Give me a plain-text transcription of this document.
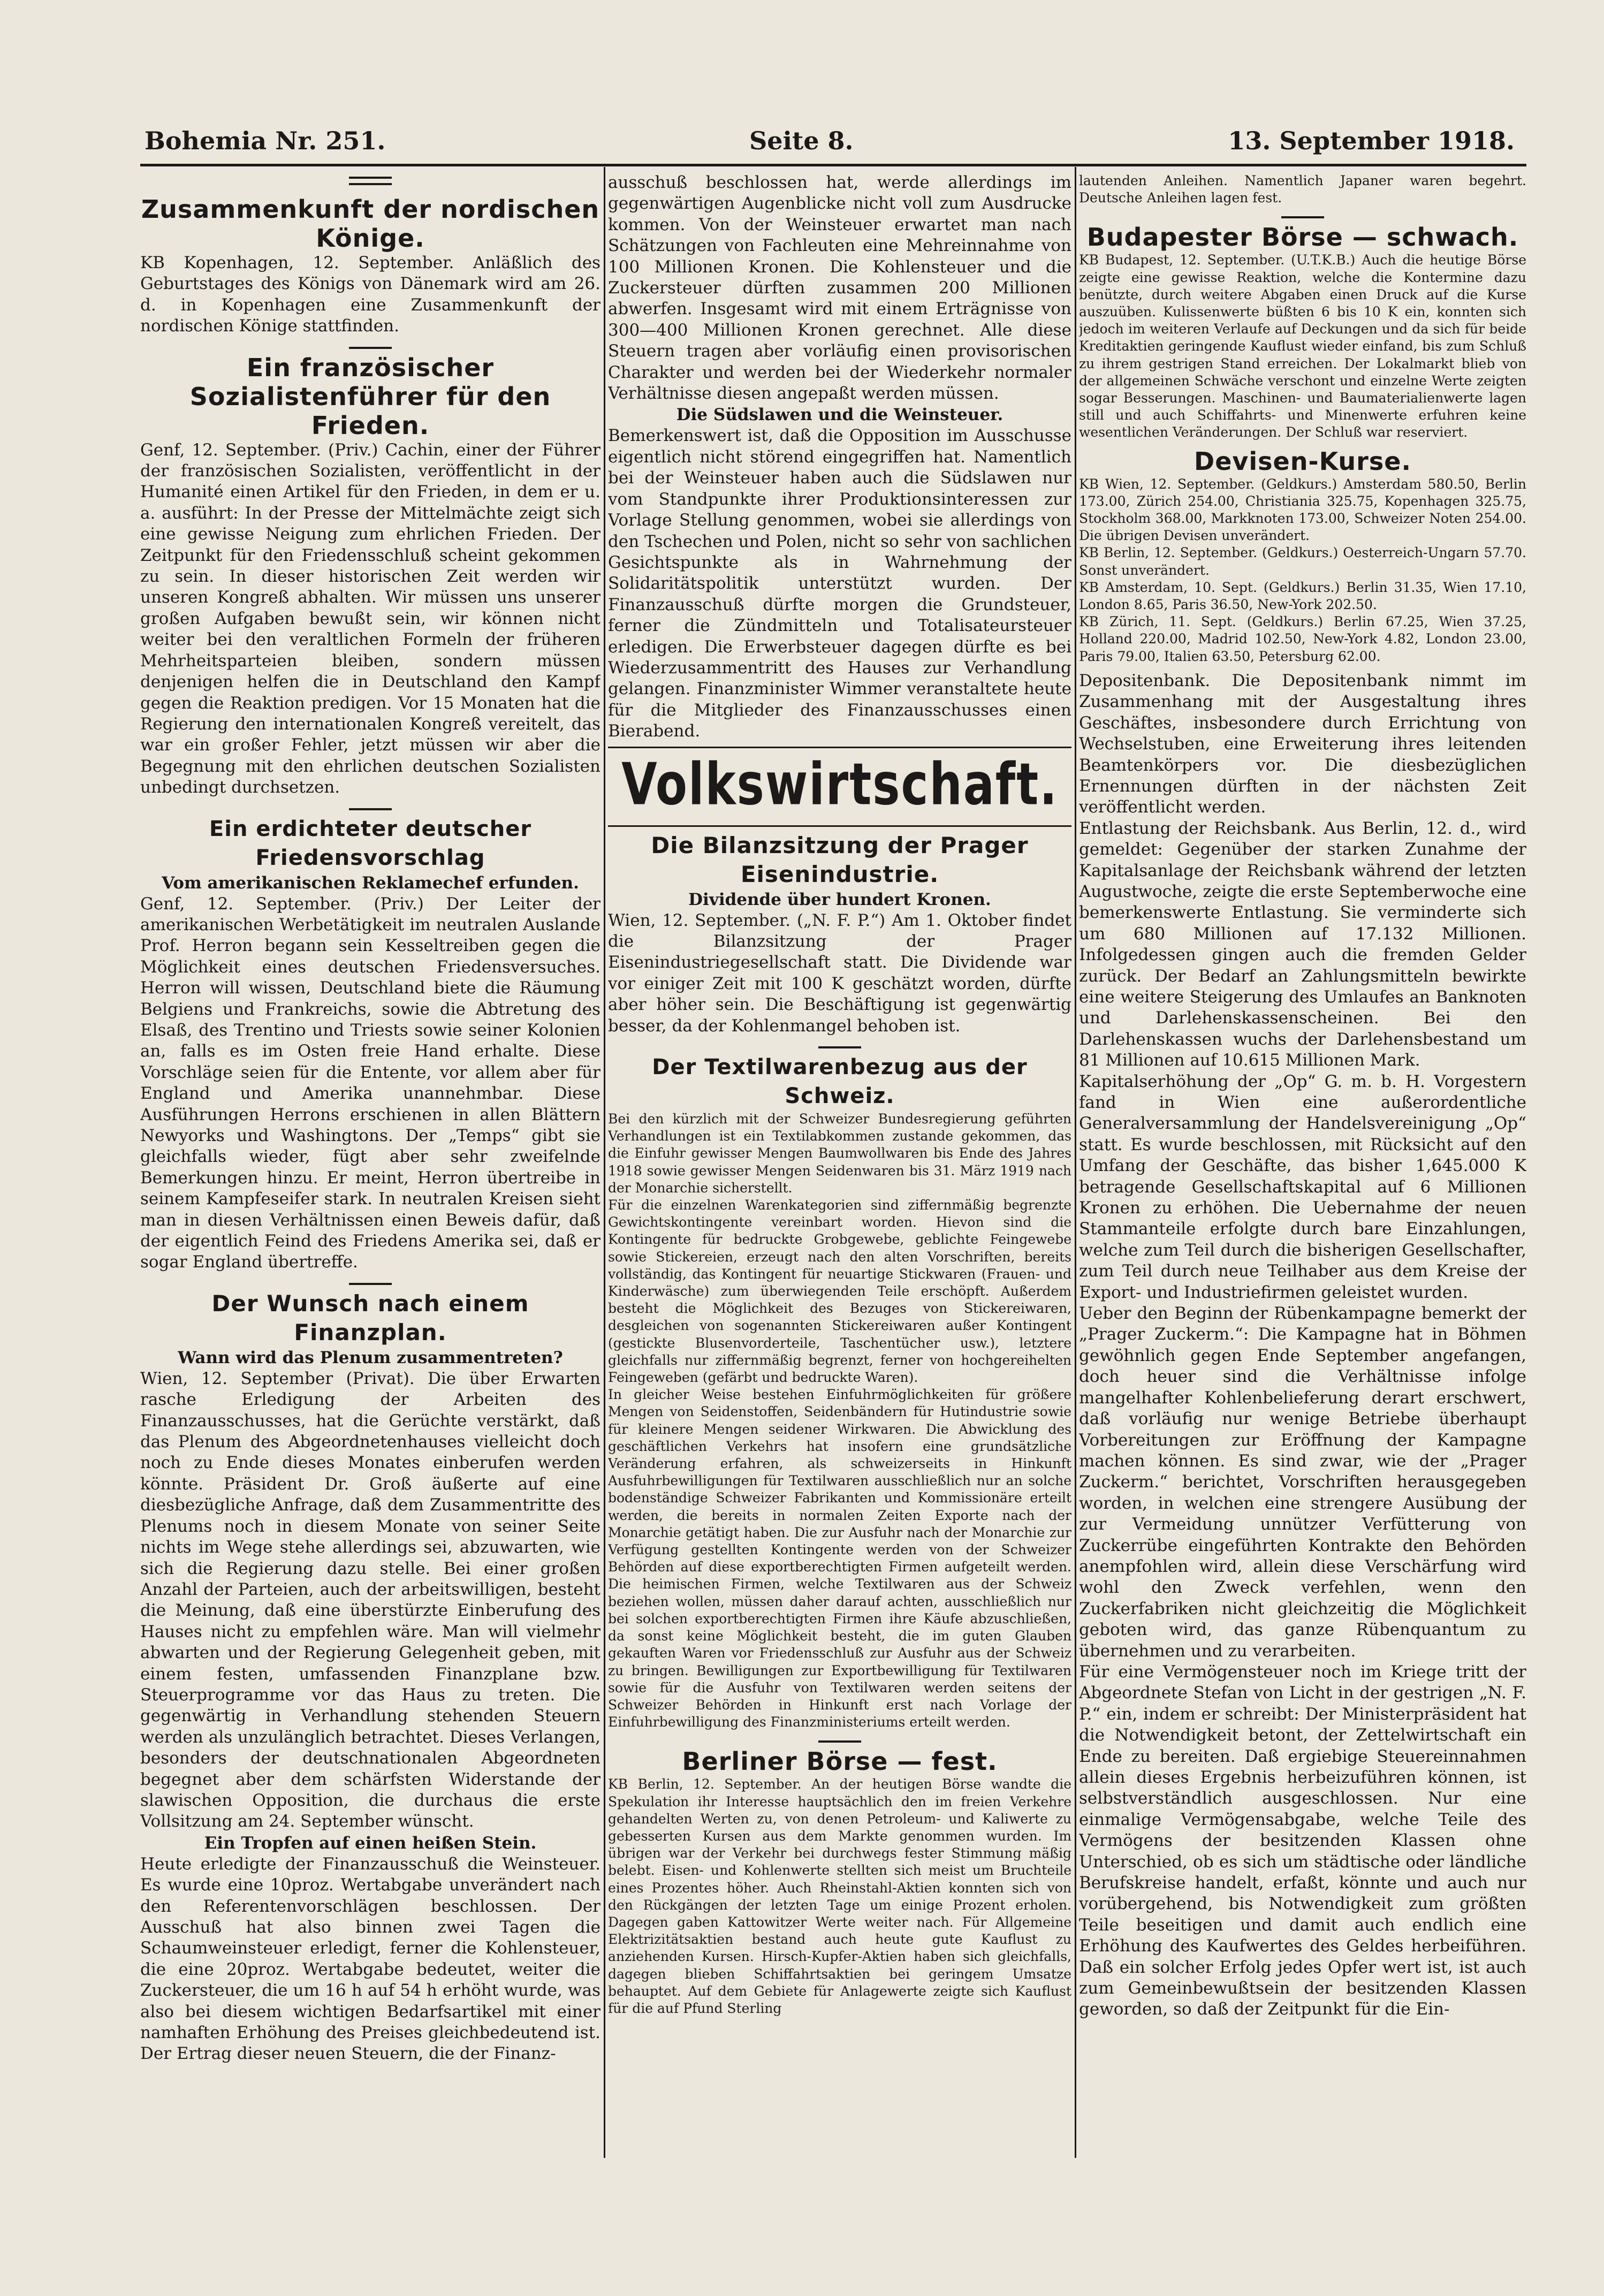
Bohemia Nr. 251.	Seite 8.	13. September 1918.
Zusammenkunft der nordischen Könige.

KB Kopenhagen, 12. September. Anläßlich des Geburtstages des Königs von Dänemark wird am 26. d. in Kopenhagen eine Zusammenkunft der nordischen Könige stattfinden.

Ein französischer Sozialistenführer für den Frieden.

Genf, 12. September. (Priv.) Cachin, einer der Führer der französischen Sozialisten, veröffentlicht in der Humanité einen Artikel für den Frieden, in dem er u. a. ausführt: In der Presse der Mittelmächte zeigt sich eine gewisse Neigung zum ehrlichen Frieden. Der Zeitpunkt für den Friedensschluß scheint gekommen zu sein. In dieser historischen Zeit werden wir unseren Kongreß abhalten. Wir müssen uns unserer großen Aufgaben bewußt sein, wir können nicht weiter bei den veraltlichen Formeln der früheren Mehrheitsparteien bleiben, sondern müssen denjenigen helfen die in Deutschland den Kampf gegen die Reaktion predigen. Vor 15 Monaten hat die Regierung den internationalen Kongreß vereitelt, das war ein großer Fehler, jetzt müssen wir aber die Begegnung mit den ehrlichen deutschen Sozialisten unbedingt durchsetzen.

Ein erdichteter deutscher Friedensvorschlag
Vom amerikanischen Reklamechef erfunden.

Genf, 12. September. (Priv.) Der Leiter der amerikanischen Werbetätigkeit im neutralen Auslande Prof. Herron begann sein Kesseltreiben gegen die Möglichkeit eines deutschen Friedensversuches. Herron will wissen, Deutschland biete die Räumung Belgiens und Frankreichs, sowie die Abtretung des Elsaß, des Trentino und Triests sowie seiner Kolonien an, falls es im Osten freie Hand erhalte. Diese Vorschläge seien für die Entente, vor allem aber für England und Amerika unannehmbar. Diese Ausführungen Herrons erschienen in allen Blättern Newyorks und Washingtons. Der „Temps“ gibt sie gleichfalls wieder, fügt aber sehr zweifelnde Bemerkungen hinzu. Er meint, Herron übertreibe in seinem Kampfeseifer stark. In neutralen Kreisen sieht man in diesen Verhältnissen einen Beweis dafür, daß der eigentlich Feind des Friedens Amerika sei, daß er sogar England übertreffe.

Der Wunsch nach einem Finanzplan.
Wann wird das Plenum zusammentreten?

Wien, 12. September (Privat). Die über Erwarten rasche Erledigung der Arbeiten des Finanzausschusses, hat die Gerüchte verstärkt, daß das Plenum des Abgeordnetenhauses vielleicht doch noch zu Ende dieses Monates einberufen werden könnte. Präsident Dr. Groß äußerte auf eine diesbezügliche Anfrage, daß dem Zusammentritte des Plenums noch in diesem Monate von seiner Seite nichts im Wege stehe allerdings sei, abzuwarten, wie sich die Regierung dazu stelle. Bei einer großen Anzahl der Parteien, auch der arbeitswilligen, besteht die Meinung, daß eine überstürzte Einberufung des Hauses nicht zu empfehlen wäre. Man will vielmehr abwarten und der Regierung Gelegenheit geben, mit einem festen, umfassenden Finanzplane bzw. Steuerprogramme vor das Haus zu treten. Die gegenwärtig in Verhandlung stehenden Steuern werden als unzulänglich betrachtet. Dieses Verlangen, besonders der deutschnationalen Abgeordneten begegnet aber dem schärfsten Widerstande der slawischen Opposition, die durchaus die erste Vollsitzung am 24. September wünscht.

Ein Tropfen auf einen heißen Stein.

Heute erledigte der Finanzausschuß die Weinsteuer. Es wurde eine 10proz. Wertabgabe unverändert nach den Referentenvorschlägen beschlossen. Der Ausschuß hat also binnen zwei Tagen die Schaumweinsteuer erledigt, ferner die Kohlensteuer, die eine 20proz. Wertabgabe bedeutet, weiter die Zuckersteuer, die um 16 h auf 54 h erhöht wurde, was also bei diesem wichtigen Bedarfsartikel mit einer namhaften Erhöhung des Preises gleichbedeutend ist. Der Ertrag dieser neuen Steuern, die der Finanz-

ausschuß beschlossen hat, werde allerdings im gegenwärtigen Augenblicke nicht voll zum Ausdrucke kommen. Von der Weinsteuer erwartet man nach Schätzungen von Fachleuten eine Mehreinnahme von 100 Millionen Kronen. Die Kohlensteuer und die Zuckersteuer dürften zusammen 200 Millionen abwerfen. Insgesamt wird mit einem Erträgnisse von 300—400 Millionen Kronen gerechnet. Alle diese Steuern tragen aber vorläufig einen provisorischen Charakter und werden bei der Wiederkehr normaler Verhältnisse diesen angepaßt werden müssen.

Die Südslawen und die Weinsteuer.

Bemerkenswert ist, daß die Opposition im Ausschusse eigentlich nicht störend eingegriffen hat. Namentlich bei der Weinsteuer haben auch die Südslawen nur vom Standpunkte ihrer Produktionsinteressen zur Vorlage Stellung genommen, wobei sie allerdings von den Tschechen und Polen, nicht so sehr von sachlichen Gesichtspunkte als in Wahrnehmung der Solidaritätspolitik unterstützt wurden. Der Finanzausschuß dürfte morgen die Grundsteuer, ferner die Zündmitteln und Totalisateursteuer erledigen. Die Erwerbsteuer dagegen dürfte es bei Wiederzusammentritt des Hauses zur Verhandlung gelangen. Finanzminister Wimmer veranstaltete heute für die Mitglieder des Finanzausschusses einen Bierabend.

Volkswirtschaft.
Die Bilanzsitzung der Prager Eisenindustrie.
Dividende über hundert Kronen.

Wien, 12. September. („N. F. P.“) Am 1. Oktober findet die Bilanzsitzung der Prager Eisenindustriegesellschaft statt. Die Dividende war vor einiger Zeit mit 100 K geschätzt worden, dürfte aber höher sein. Die Beschäftigung ist gegenwärtig besser, da der Kohlenmangel behoben ist.

Der Textilwarenbezug aus der Schweiz.

Bei den kürzlich mit der Schweizer Bundesregierung geführten Verhandlungen ist ein Textilabkommen zustande gekommen, das die Einfuhr gewisser Mengen Baumwollwaren bis Ende des Jahres 1918 sowie gewisser Mengen Seidenwaren bis 31. März 1919 nach der Monarchie sicherstellt.

Für die einzelnen Warenkategorien sind ziffernmäßig begrenzte Gewichtskontingente vereinbart worden. Hievon sind die Kontingente für bedruckte Grobgewebe, geblichte Feingewebe sowie Stickereien, erzeugt nach den alten Vorschriften, bereits vollständig, das Kontingent für neuartige Stickwaren (Frauen- und Kinderwäsche) zum überwiegenden Teile erschöpft. Außerdem besteht die Möglichkeit des Bezuges von Stickereiwaren, desgleichen von sogenannten Stickereiwaren außer Kontingent (gestickte Blusenvorderteile, Taschentücher usw.), letztere gleichfalls nur ziffernmäßig begrenzt, ferner von hochgereihelten Feingeweben (gefärbt und bedruckte Waren).

In gleicher Weise bestehen Einfuhrmöglichkeiten für größere Mengen von Seidenstoffen, Seidenbändern für Hutindustrie sowie für kleinere Mengen seidener Wirkwaren. Die Abwicklung des geschäftlichen Verkehrs hat insofern eine grundsätzliche Veränderung erfahren, als schweizerseits in Hinkunft Ausfuhrbewilligungen für Textilwaren ausschließlich nur an solche bodenständige Schweizer Fabrikanten und Kommissionäre erteilt werden, die bereits in normalen Zeiten Exporte nach der Monarchie getätigt haben. Die zur Ausfuhr nach der Monarchie zur Verfügung gestellten Kontingente werden von der Schweizer Behörden auf diese exportberechtigten Firmen aufgeteilt werden. Die heimischen Firmen, welche Textilwaren aus der Schweiz beziehen wollen, müssen daher darauf achten, ausschließlich nur bei solchen exportberechtigten Firmen ihre Käufe abzuschließen, da sonst keine Möglichkeit besteht, die im guten Glauben gekauften Waren vor Friedensschluß zur Ausfuhr aus der Schweiz zu bringen. Bewilligungen zur Exportbewilligung für Textilwaren sowie für die Ausfuhr von Textilwaren werden seitens der Schweizer Behörden in Hinkunft erst nach Vorlage der Einfuhrbewilligung des Finanzministeriums erteilt werden.

Berliner Börse — fest.

KB Berlin, 12. September. An der heutigen Börse wandte die Spekulation ihr Interesse hauptsächlich den im freien Verkehre gehandelten Werten zu, von denen Petroleum- und Kaliwerte zu gebesserten Kursen aus dem Markte genommen wurden. Im übrigen war der Verkehr bei durchwegs fester Stimmung mäßig belebt. Eisen- und Kohlenwerte stellten sich meist um Bruchteile eines Prozentes höher. Auch Rheinstahl-Aktien konnten sich von den Rückgängen der letzten Tage um einige Prozent erholen. Dagegen gaben Kattowitzer Werte weiter nach. Für Allgemeine Elektrizitätsaktien bestand auch heute gute Kauflust zu anziehenden Kursen. Hirsch-Kupfer-Aktien haben sich gleichfalls, dagegen blieben Schiffahrtsaktien bei geringem Umsatze behauptet. Auf dem Gebiete für Anlagewerte zeigte sich Kauflust für die auf Pfund Sterling

lautenden Anleihen. Namentlich Japaner waren begehrt. Deutsche Anleihen lagen fest.

Budapester Börse — schwach.

KB Budapest, 12. September. (U.T.K.B.) Auch die heutige Börse zeigte eine gewisse Reaktion, welche die Kontermine dazu benützte, durch weitere Abgaben einen Druck auf die Kurse auszuüben. Kulissenwerte büßten 6 bis 10 K ein, konnten sich jedoch im weiteren Verlaufe auf Deckungen und da sich für beide Kreditaktien geringende Kauflust wieder einfand, bis zum Schluß zu ihrem gestrigen Stand erreichen. Der Lokalmarkt blieb von der allgemeinen Schwäche verschont und einzelne Werte zeigten sogar Besserungen. Maschinen- und Baumaterialienwerte lagen still und auch Schiffahrts- und Minenwerte erfuhren keine wesentlichen Veränderungen. Der Schluß war reserviert.

Devisen-Kurse.

KB Wien, 12. September. (Geldkurs.) Amsterdam 580.50, Berlin 173.00, Zürich 254.00, Christiania 325.75, Kopenhagen 325.75, Stockholm 368.00, Markknoten 173.00, Schweizer Noten 254.00. Die übrigen Devisen unverändert.

KB Berlin, 12. September. (Geldkurs.) Oesterreich-Ungarn 57.70. Sonst unverändert.

KB Amsterdam, 10. Sept. (Geldkurs.) Berlin 31.35, Wien 17.10, London 8.65, Paris 36.50, New-York 202.50.

KB Zürich, 11. Sept. (Geldkurs.) Berlin 67.25, Wien 37.25, Holland 220.00, Madrid 102.50, New-York 4.82, London 23.00, Paris 79.00, Italien 63.50, Petersburg 62.00.

Depositenbank. Die Depositenbank nimmt im Zusammenhang mit der Ausgestaltung ihres Geschäftes, insbesondere durch Errichtung von Wechselstuben, eine Erweiterung ihres leitenden Beamtenkörpers vor. Die diesbezüglichen Ernennungen dürften in der nächsten Zeit veröffentlicht werden.

Entlastung der Reichsbank. Aus Berlin, 12. d., wird gemeldet: Gegenüber der starken Zunahme der Kapitalsanlage der Reichsbank während der letzten Augustwoche, zeigte die erste Septemberwoche eine bemerkenswerte Entlastung. Sie verminderte sich um 680 Millionen auf 17.132 Millionen. Infolgedessen gingen auch die fremden Gelder zurück. Der Bedarf an Zahlungsmitteln bewirkte eine weitere Steigerung des Umlaufes an Banknoten und Darlehenskassenscheinen. Bei den Darlehenskassen wuchs der Darlehensbestand um 81 Millionen auf 10.615 Millionen Mark.

Kapitalserhöhung der „Op“ G. m. b. H. Vorgestern fand in Wien eine außerordentliche Generalversammlung der Handelsvereinigung „Op“ statt. Es wurde beschlossen, mit Rücksicht auf den Umfang der Geschäfte, das bisher 1,645.000 K betragende Gesellschaftskapital auf 6 Millionen Kronen zu erhöhen. Die Uebernahme der neuen Stammanteile erfolgte durch bare Einzahlungen, welche zum Teil durch die bisherigen Gesellschafter, zum Teil durch neue Teilhaber aus dem Kreise der Export- und Industriefirmen geleistet wurden.

Ueber den Beginn der Rübenkampagne bemerkt der „Prager Zuckerm.“: Die Kampagne hat in Böhmen gewöhnlich gegen Ende September angefangen, doch heuer sind die Verhältnisse infolge mangelhafter Kohlenbelieferung derart erschwert, daß vorläufig nur wenige Betriebe überhaupt Vorbereitungen zur Eröffnung der Kampagne machen können. Es sind zwar, wie der „Prager Zuckerm.“ berichtet, Vorschriften herausgegeben worden, in welchen eine strengere Ausübung der zur Vermeidung unnützer Verfütterung von Zuckerrübe eingeführten Kontrakte den Behörden anempfohlen wird, allein diese Verschärfung wird wohl den Zweck verfehlen, wenn den Zuckerfabriken nicht gleichzeitig die Möglichkeit geboten wird, das ganze Rübenquantum zu übernehmen und zu verarbeiten.

Für eine Vermögensteuer noch im Kriege tritt der Abgeordnete Stefan von Licht in der gestrigen „N. F. P.“ ein, indem er schreibt: Der Ministerpräsident hat die Notwendigkeit betont, der Zettelwirtschaft ein Ende zu bereiten. Daß ergiebige Steuereinnahmen allein dieses Ergebnis herbeizuführen können, ist selbstverständlich ausgeschlossen. Nur eine einmalige Vermögensabgabe, welche Teile des Vermögens der besitzenden Klassen ohne Unterschied, ob es sich um städtische oder ländliche Berufskreise handelt, erfaßt, könnte und auch nur vorübergehend, bis Notwendigkeit zum größten Teile beseitigen und damit auch endlich eine Erhöhung des Kaufwertes des Geldes herbeiführen. Daß ein solcher Erfolg jedes Opfer wert ist, ist auch zum Gemeinbewußtsein der besitzenden Klassen geworden, so daß der Zeitpunkt für die Ein-
